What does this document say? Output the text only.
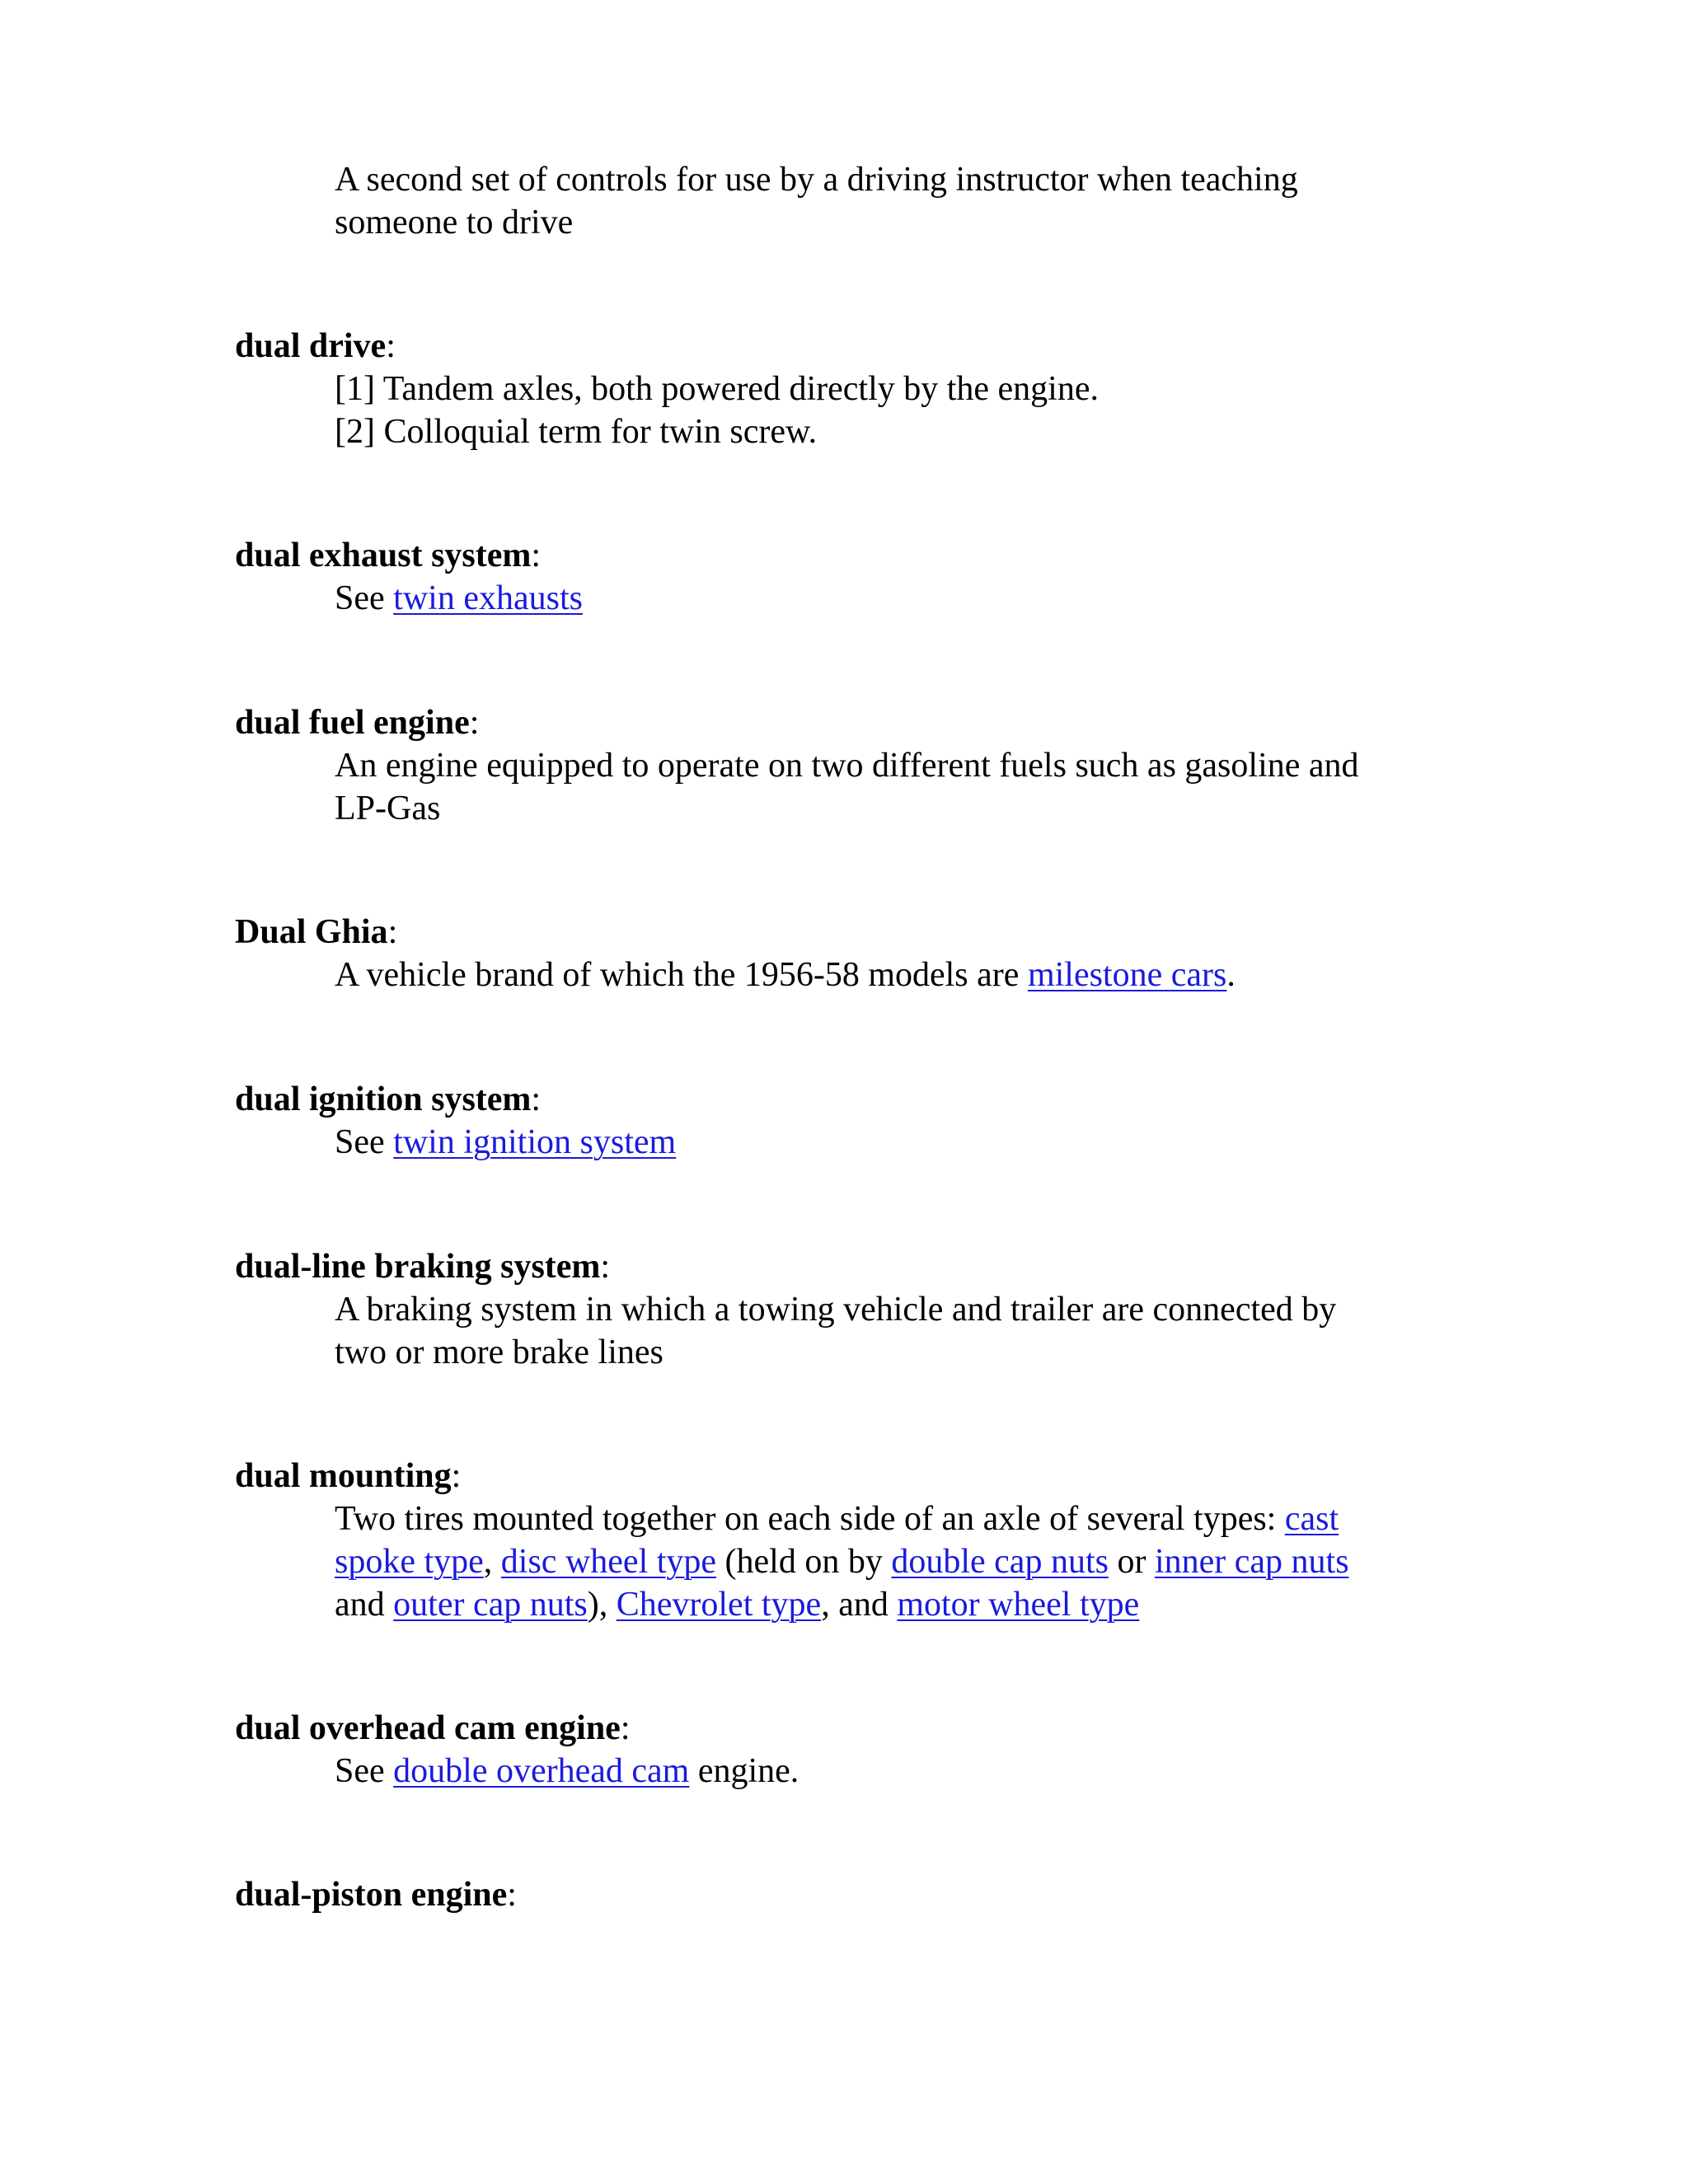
A second set of controls for use by a driving instructor when teaching
someone to drive
dual drive:
[1] Tandem axles, both powered directly by the engine.
[2] Colloquial term for twin screw.
dual exhaust system:
See twin exhausts
dual fuel engine:
An engine equipped to operate on two different fuels such as gasoline and
LP-Gas
Dual Ghia:
A vehicle brand of which the 1956-58 models are milestone cars.
dual ignition system:
See twin ignition system
dual-line braking system:
A braking system in which a towing vehicle and trailer are connected by
two or more brake lines
dual mounting:
Two tires mounted together on each side of an axle of several types: cast
spoke type, disc wheel type (held on by double cap nuts or inner cap nuts
and outer cap nuts), Chevrolet type, and motor wheel type
dual overhead cam engine:
See double overhead cam engine.
dual-piston engine:
